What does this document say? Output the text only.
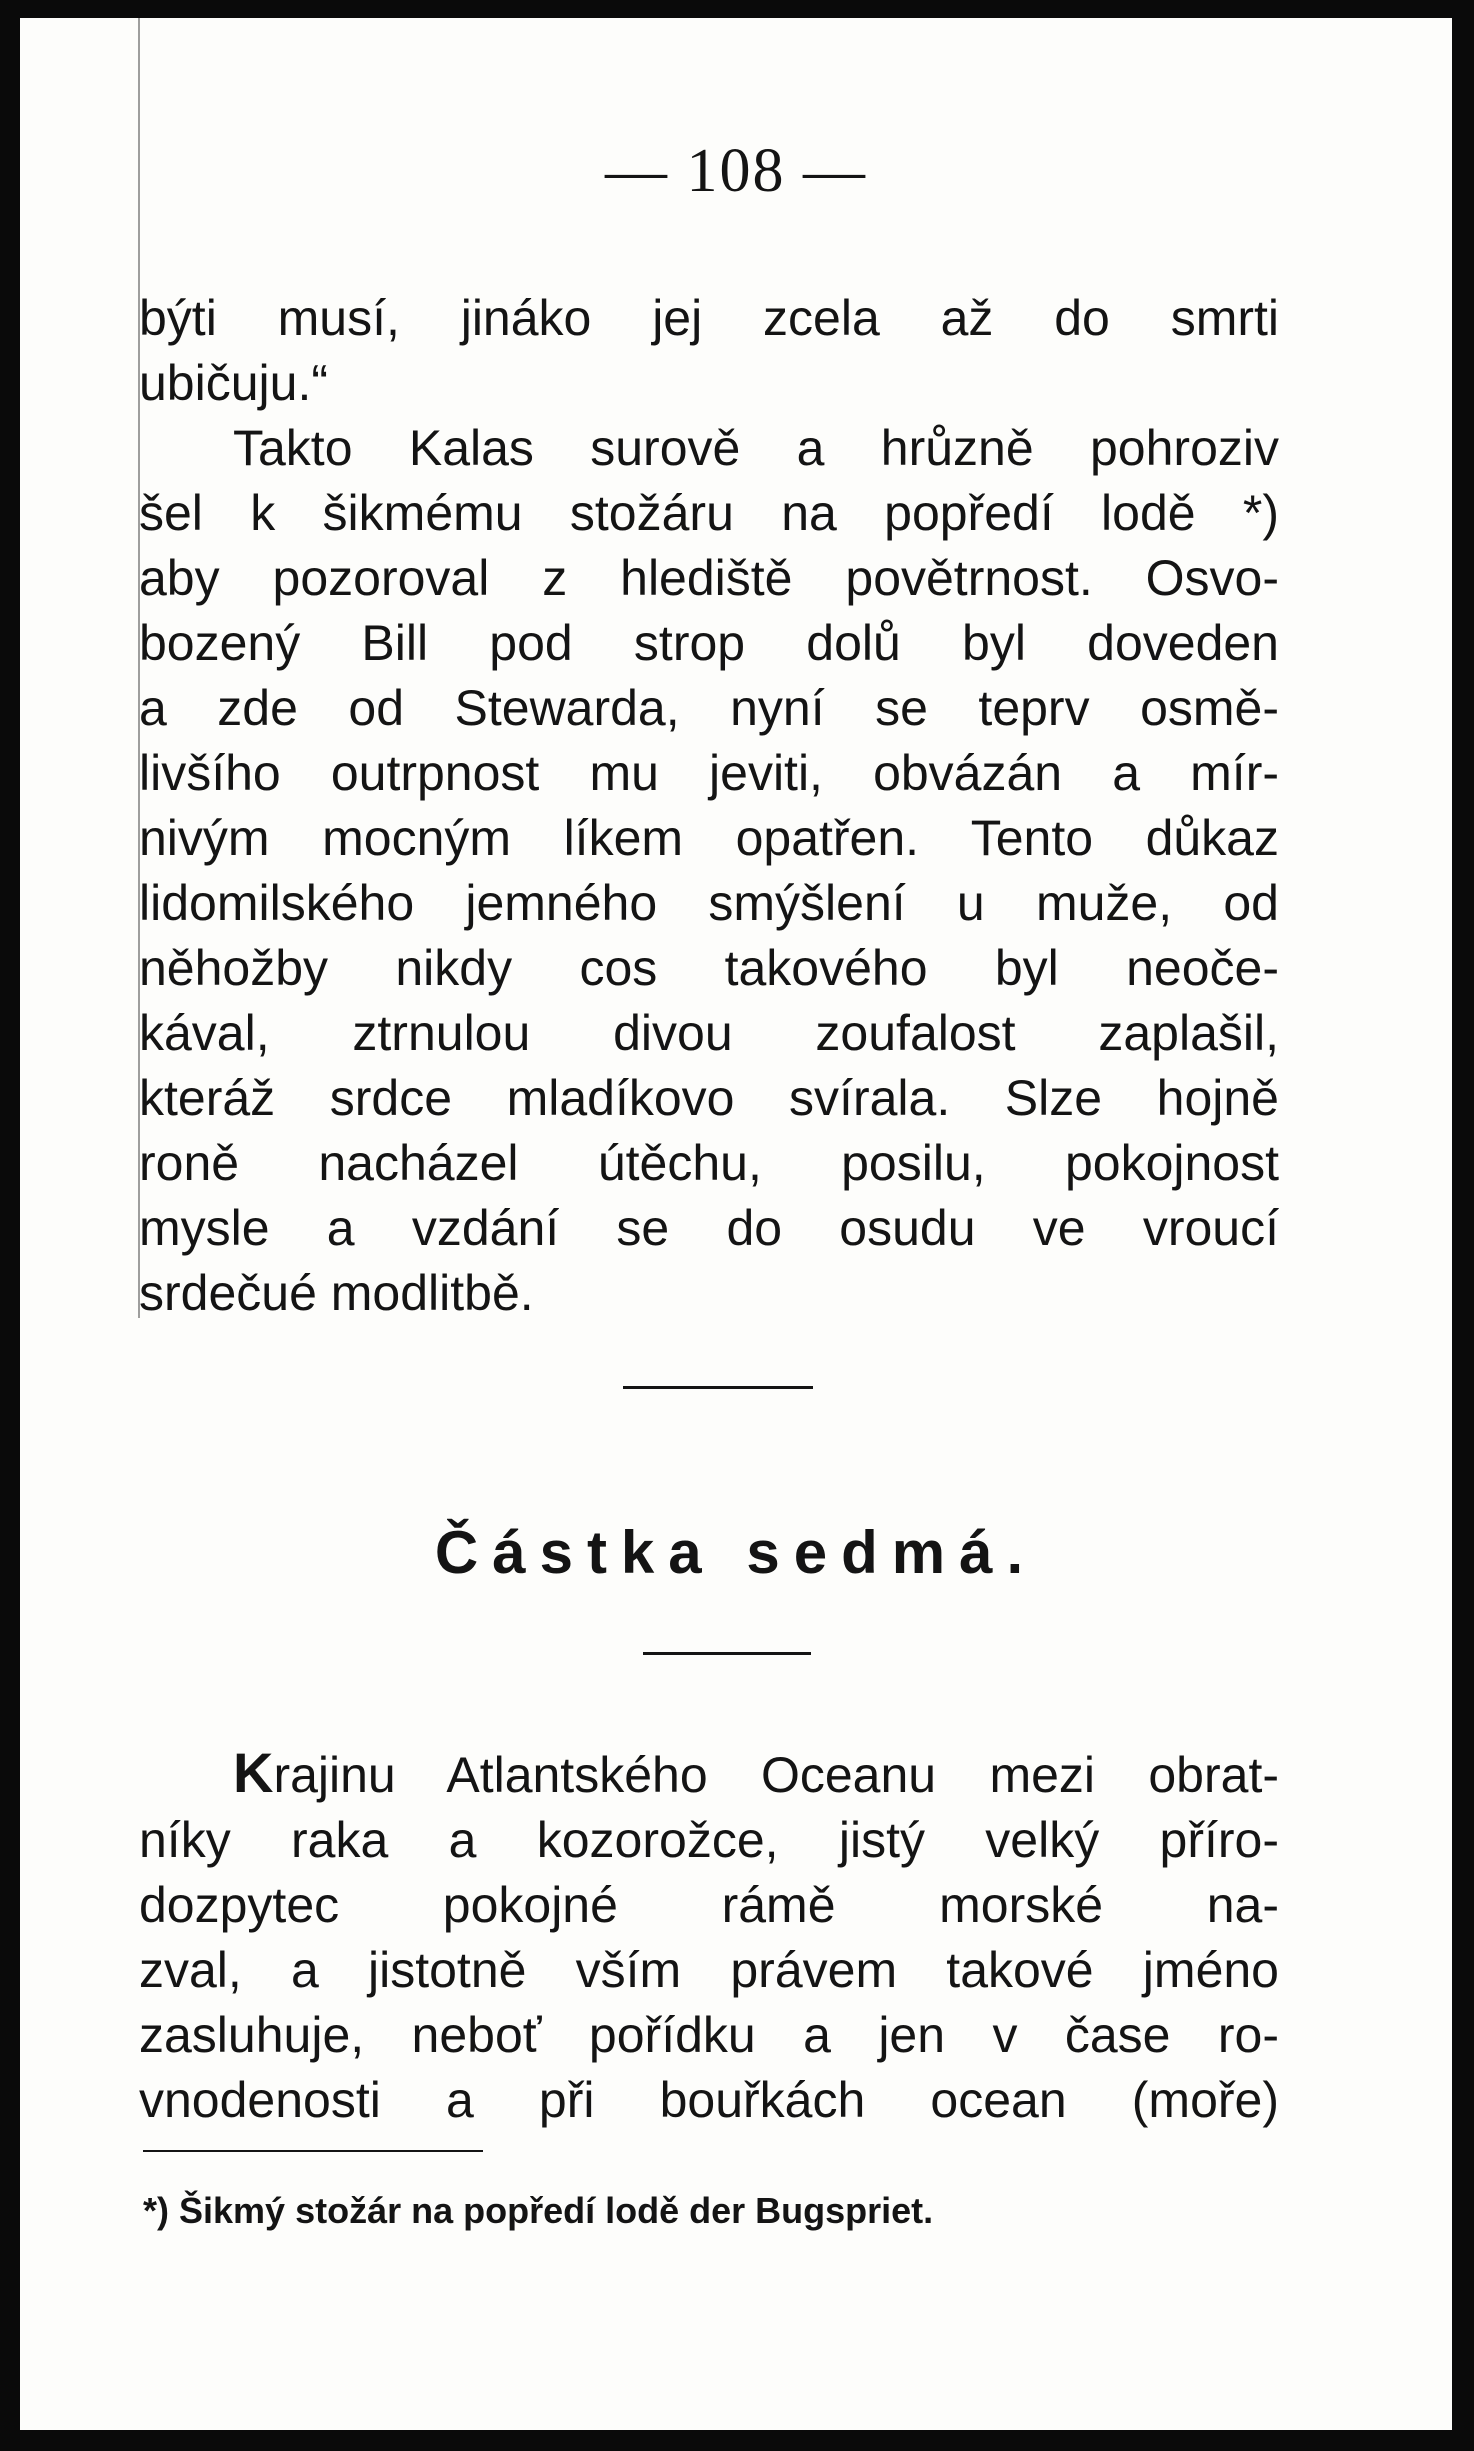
— 108 —
býti musí, jináko jej zcela až do smrti
ubičuju.“
Takto Kalas surově a hrůzně pohroziv
šel k šikmému stožáru na popředí lodě *)
aby pozoroval z hlediště povětrnost. Osvo-
bozený Bill pod strop dolů byl doveden
a zde od Stewarda, nyní se teprv osmě-
livšího outrpnost mu jeviti, obvázán a mír-
nivým mocným líkem opatřen. Tento důkaz
lidomilského jemného smýšlení u muže, od
něhožby nikdy cos takového byl neoče-
kával, ztrnulou divou zoufalost zaplašil,
kteráž srdce mladíkovo svírala. Slze hojně
roně nacházel útěchu, posilu, pokojnost
mysle a vzdání se do osudu ve vroucí
srdečué modlitbě.
Částka sedmá.
Krajinu Atlantského Oceanu mezi obrat-
níky raka a kozorožce, jistý velký příro-
dozpytec pokojné rámě morské na-
zval, a jistotně vším právem takové jméno
zasluhuje, neboť pořídku a jen v čase ro-
vnodenosti a při bouřkách ocean (moře)
*) Šikmý stožár na popředí lodě der Bugspriet.
